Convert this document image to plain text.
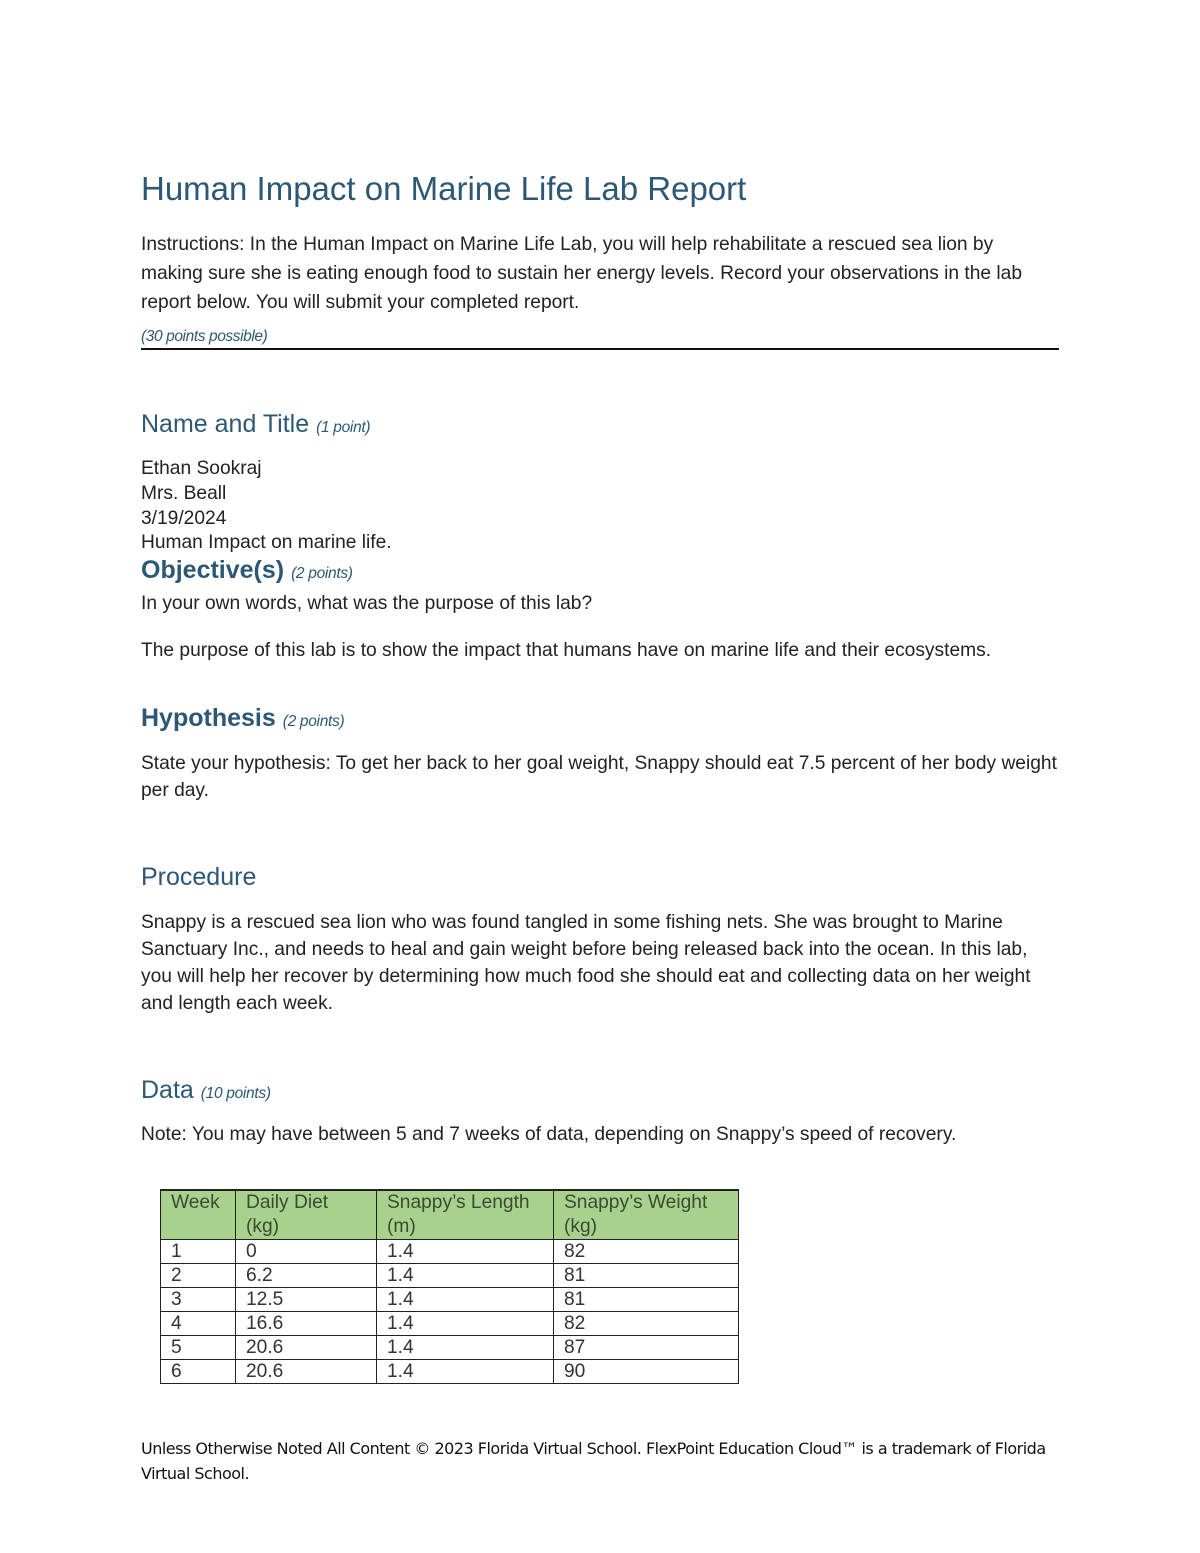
Human Impact on Marine Life Lab Report

Instructions: In the Human Impact on Marine Life Lab, you will help rehabilitate a rescued sea lion by making sure she is eating enough food to sustain her energy levels. Record your observations in the lab report below. You will submit your completed report.

(30 points possible)
Name and Title (1 point)
Ethan Sookraj
Mrs. Beall
3/19/2024
Human Impact on marine life.
Objective(s) (2 points)
In your own words, what was the purpose of this lab?

The purpose of this lab is to show the impact that humans have on marine life and their ecosystems.

Hypothesis (2 points)

State your hypothesis: To get her back to her goal weight, Snappy should eat 7.5 percent of her body weight per day.

Procedure

Snappy is a rescued sea lion who was found tangled in some fishing nets. She was brought to Marine Sanctuary Inc., and needs to heal and gain weight before being released back into the ocean. In this lab, you will help her recover by determining how much food she should eat and collecting data on her weight and length each week.

Data (10 points)

Note: You may have between 5 and 7 weeks of data, depending on Snappy’s speed of recovery.

Week	Daily Diet (kg)	Snappy’s Length (m)	Snappy’s Weight (kg)
1	0	1.4	82
2	6.2	1.4	81
3	12.5	1.4	81
4	16.6	1.4	82
5	20.6	1.4	87
6	20.6	1.4	90

Unless Otherwise Noted All Content © 2023 Florida Virtual School. FlexPoint Education Cloud™ is a trademark of Florida Virtual School.
